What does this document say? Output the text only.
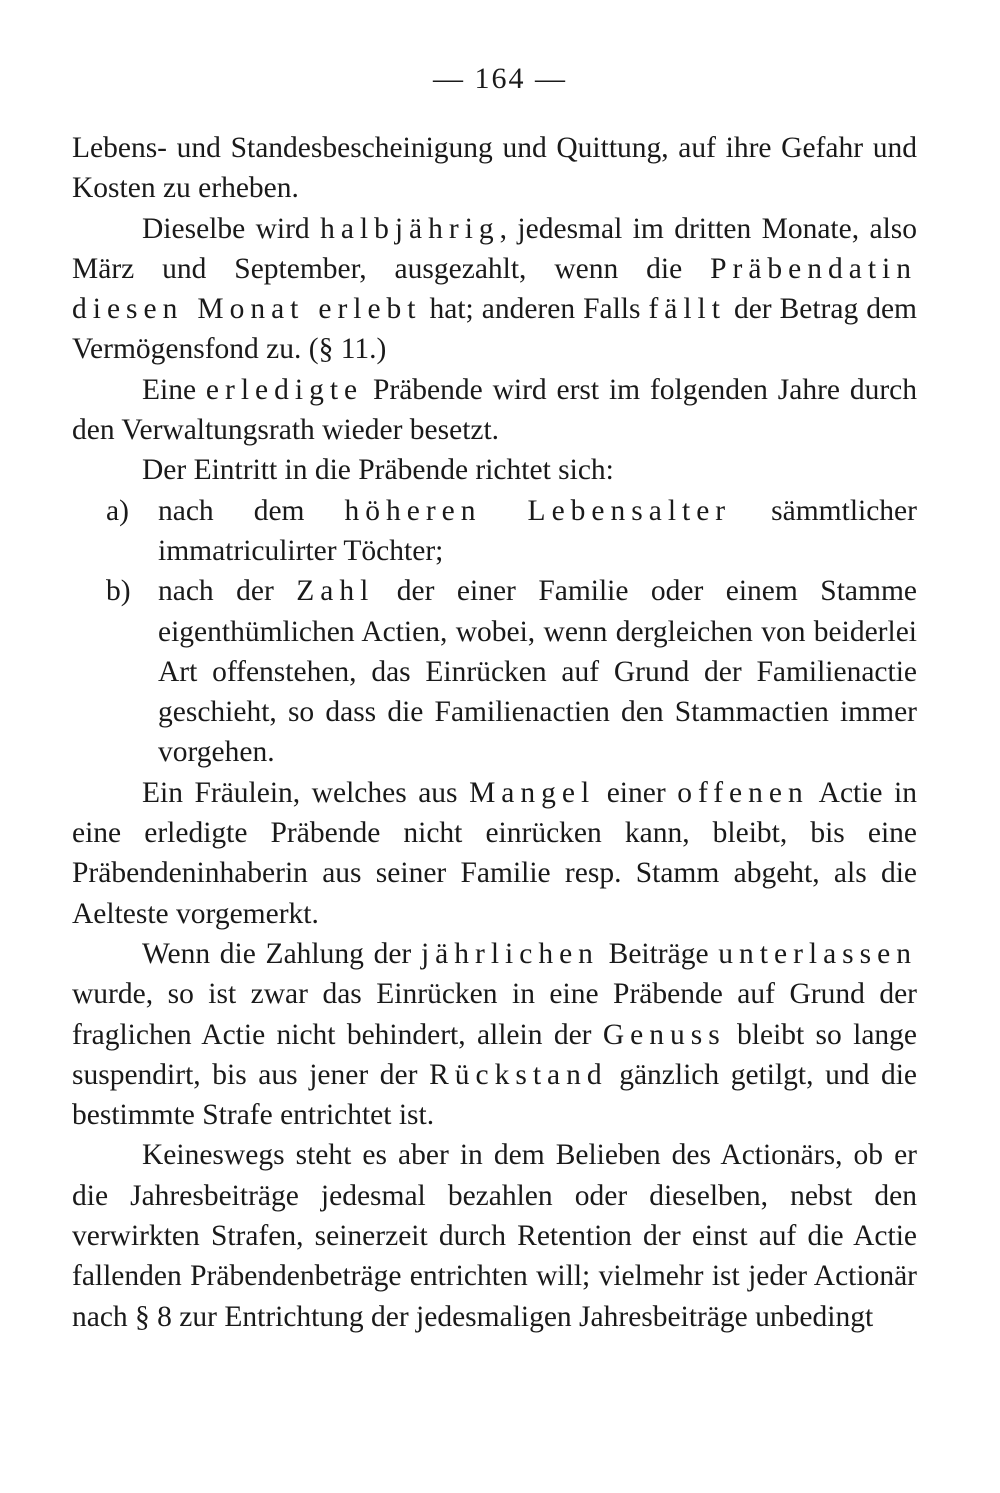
— 164 —

Lebens- und Standesbescheinigung und Quittung, auf ihre Gefahr und Kosten zu erheben.

Dieselbe wird halbjährig, jedesmal im dritten Monate, also März und September, ausgezahlt, wenn die Präbendatin diesen Monat erlebt hat; anderen Falls fällt der Betrag dem Vermögensfond zu. (§ 11.)

Eine erledigte Präbende wird erst im folgenden Jahre durch den Verwaltungsrath wieder besetzt.

Der Eintritt in die Präbende richtet sich:

a) nach dem höheren Lebensalter sämmtlicher immatriculirter Töchter;

b) nach der Zahl der einer Familie oder einem Stamme eigenthümlichen Actien, wobei, wenn dergleichen von beiderlei Art offenstehen, das Einrücken auf Grund der Familienactie geschieht, so dass die Familienactien den Stammactien immer vorgehen.

Ein Fräulein, welches aus Mangel einer offenen Actie in eine erledigte Präbende nicht einrücken kann, bleibt, bis eine Präbendeninhaberin aus seiner Familie resp. Stamm abgeht, als die Aelteste vorgemerkt.

Wenn die Zahlung der jährlichen Beiträge unterlassen wurde, so ist zwar das Einrücken in eine Präbende auf Grund der fraglichen Actie nicht behindert, allein der Genuss bleibt so lange suspendirt, bis aus jener der Rückstand gänzlich getilgt, und die bestimmte Strafe entrichtet ist.

Keineswegs steht es aber in dem Belieben des Actionärs, ob er die Jahresbeiträge jedesmal bezahlen oder dieselben, nebst den verwirkten Strafen, seinerzeit durch Retention der einst auf die Actie fallenden Präbendenbeträge entrichten will; vielmehr ist jeder Actionär nach § 8 zur Entrichtung der jedesmaligen Jahresbeiträge unbedingt
